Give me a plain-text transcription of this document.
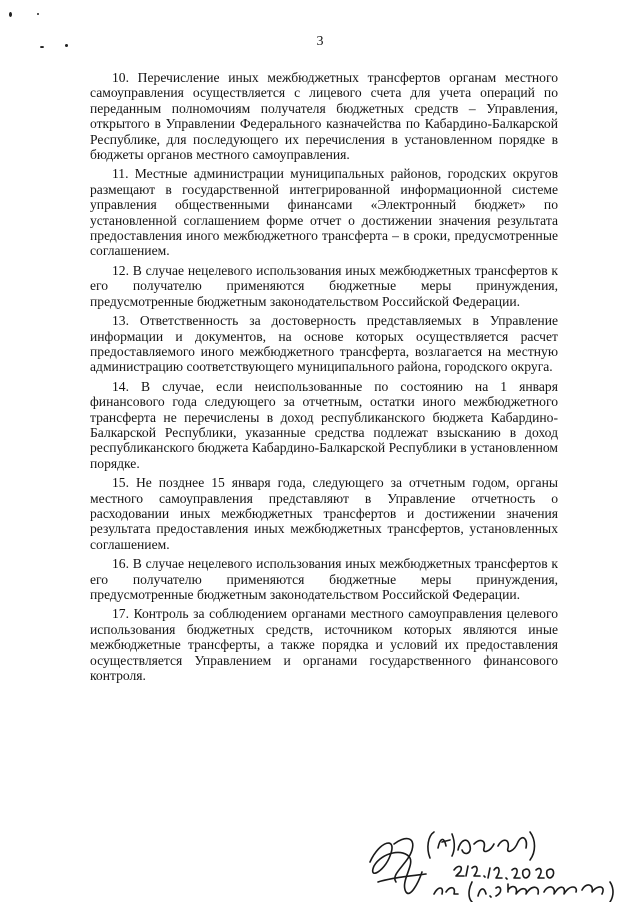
3

10. Перечисление иных межбюджетных трансфертов органам местного самоуправления осуществляется с лицевого счета для учета операций по переданным полномочиям получателя бюджетных средств – Управления, открытого в Управлении Федерального казначейства по Кабардино-Балкарской Республике, для последующего их перечисления в установленном порядке в бюджеты органов местного самоуправления.

11. Местные администрации муниципальных районов, городских округов размещают в государственной интегрированной информационной системе управления общественными финансами «Электронный бюджет» по установленной соглашением форме отчет о достижении значения результата предоставления иного межбюджетного трансферта – в сроки, предусмотренные соглашением.

12. В случае нецелевого использования иных межбюджетных трансфертов к его получателю применяются бюджетные меры принуждения, предусмотренные бюджетным законодательством Российской Федерации.

13. Ответственность за достоверность представляемых в Управление информации и документов, на основе которых осуществляется расчет предоставляемого иного межбюджетного трансферта, возлагается на местную администрацию соответствующего муниципального района, городского округа.

14. В случае, если неиспользованные по состоянию на 1 января финансового года следующего за отчетным, остатки иного межбюджетного трансферта не перечислены в доход республиканского бюджета Кабардино-Балкарской Республики, указанные средства подлежат взысканию в доход республиканского бюджета Кабардино-Балкарской Республики в установленном порядке.

15. Не позднее 15 января года, следующего за отчетным годом, органы местного самоуправления представляют в Управление отчетность о расходовании иных межбюджетных трансфертов и достижении значения результата предоставления иных межбюджетных трансфертов, установленных соглашением.

16. В случае нецелевого использования иных межбюджетных трансфертов к его получателю применяются бюджетные меры принуждения, предусмотренные бюджетным законодательством Российской Федерации.

17. Контроль за соблюдением органами местного самоуправления целевого использования бюджетных средств, источником которых являются иные межбюджетные трансферты, а также порядка и условий их предоставления осуществляется Управлением и органами государственного финансового контроля.
